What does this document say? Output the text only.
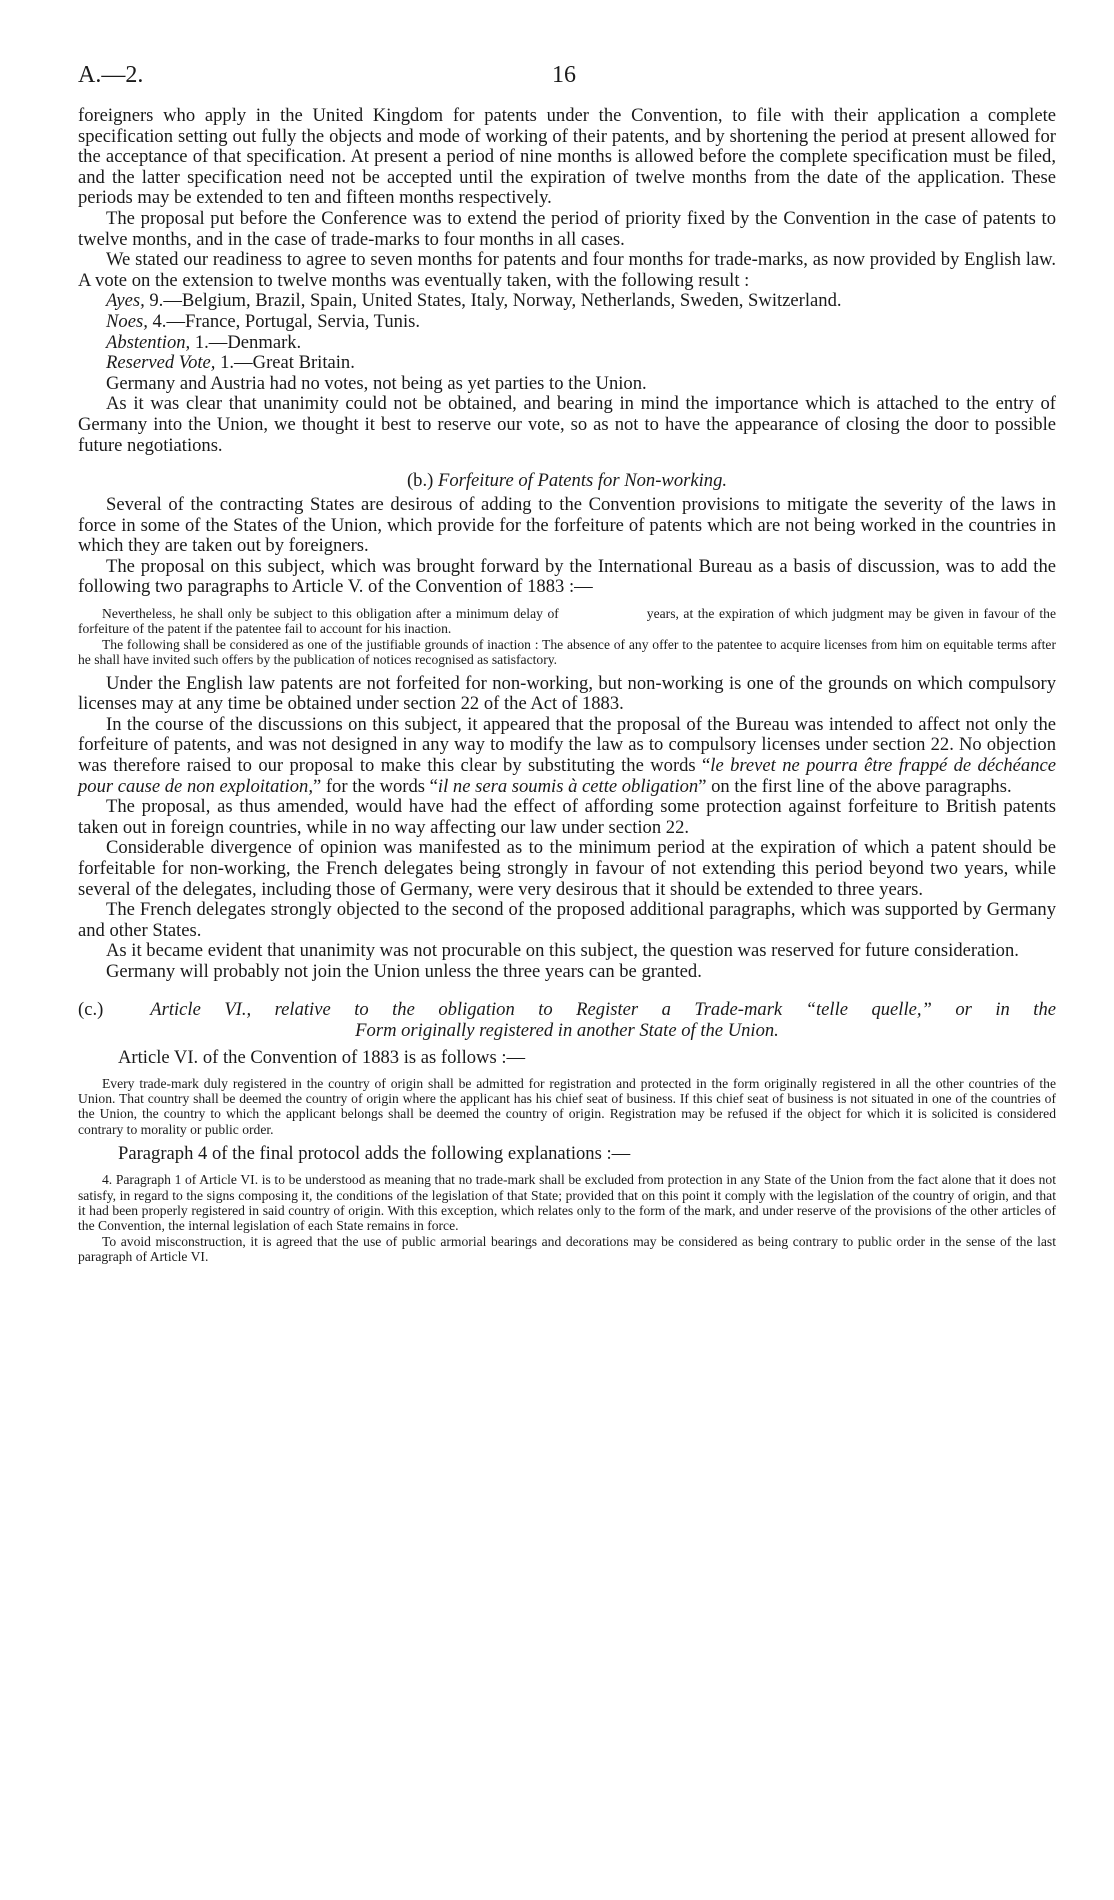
A.—2.	16

foreigners who apply in the United Kingdom for patents under the Convention, to file with their application a complete specification setting out fully the objects and mode of working of their patents, and by shortening the period at present allowed for the acceptance of that specification. At present a period of nine months is allowed before the complete specification must be filed, and the latter specification need not be accepted until the expiration of twelve months from the date of the application. These periods may be extended to ten and fifteen months respectively.

The proposal put before the Conference was to extend the period of priority fixed by the Convention in the case of patents to twelve months, and in the case of trade-marks to four months in all cases.

We stated our readiness to agree to seven months for patents and four months for trade-marks, as now provided by English law. A vote on the extension to twelve months was eventually taken, with the following result :

Ayes, 9.—Belgium, Brazil, Spain, United States, Italy, Norway, Netherlands, Sweden, Switzerland.

Noes, 4.—France, Portugal, Servia, Tunis.

Abstention, 1.—Denmark.

Reserved Vote, 1.—Great Britain.

Germany and Austria had no votes, not being as yet parties to the Union.

As it was clear that unanimity could not be obtained, and bearing in mind the importance which is attached to the entry of Germany into the Union, we thought it best to reserve our vote, so as not to have the appearance of closing the door to possible future negotiations.

(b.) Forfeiture of Patents for Non-working.

Several of the contracting States are desirous of adding to the Convention provisions to mitigate the severity of the laws in force in some of the States of the Union, which provide for the forfeiture of patents which are not being worked in the countries in which they are taken out by foreigners.

The proposal on this subject, which was brought forward by the International Bureau as a basis of discussion, was to add the following two paragraphs to Article V. of the Convention of 1883 :—

Nevertheless, he shall only be subject to this obligation after a minimum delay of	years, at the expiration of which judgment may be given in favour of the forfeiture of the patent if the patentee fail to account for his inaction.

The following shall be considered as one of the justifiable grounds of inaction : The absence of any offer to the patentee to acquire licenses from him on equitable terms after he shall have invited such offers by the publication of notices recognised as satisfactory.

Under the English law patents are not forfeited for non-working, but non-working is one of the grounds on which compulsory licenses may at any time be obtained under section 22 of the Act of 1883.

In the course of the discussions on this subject, it appeared that the proposal of the Bureau was intended to affect not only the forfeiture of patents, and was not designed in any way to modify the law as to compulsory licenses under section 22. No objection was therefore raised to our proposal to make this clear by substituting the words “le brevet ne pourra être frappé de déchéance pour cause de non exploitation,” for the words “il ne sera soumis à cette obligation” on the first line of the above paragraphs.

The proposal, as thus amended, would have had the effect of affording some protection against forfeiture to British patents taken out in foreign countries, while in no way affecting our law under section 22.

Considerable divergence of opinion was manifested as to the minimum period at the expiration of which a patent should be forfeitable for non-working, the French delegates being strongly in favour of not extending this period beyond two years, while several of the delegates, including those of Germany, were very desirous that it should be extended to three years.

The French delegates strongly objected to the second of the proposed additional paragraphs, which was supported by Germany and other States.

As it became evident that unanimity was not procurable on this subject, the question was reserved for future consideration.

Germany will probably not join the Union unless the three years can be granted.

(c.)	Article VI., relative to the obligation to Register a Trade-mark “telle quelle,” or in the
Form originally registered in another State of the Union.

Article VI. of the Convention of 1883 is as follows :—

Every trade-mark duly registered in the country of origin shall be admitted for registration and protected in the form originally registered in all the other countries of the Union. That country shall be deemed the country of origin where the applicant has his chief seat of business. If this chief seat of business is not situated in one of the countries of the Union, the country to which the applicant belongs shall be deemed the country of origin. Registration may be refused if the object for which it is solicited is considered contrary to morality or public order.

Paragraph 4 of the final protocol adds the following explanations :—

4. Paragraph 1 of Article VI. is to be understood as meaning that no trade-mark shall be excluded from protection in any State of the Union from the fact alone that it does not satisfy, in regard to the signs composing it, the conditions of the legislation of that State; provided that on this point it comply with the legislation of the country of origin, and that it had been properly registered in said country of origin. With this exception, which relates only to the form of the mark, and under reserve of the provisions of the other articles of the Convention, the internal legislation of each State remains in force.

To avoid misconstruction, it is agreed that the use of public armorial bearings and decorations may be considered as being contrary to public order in the sense of the last paragraph of Article VI.
